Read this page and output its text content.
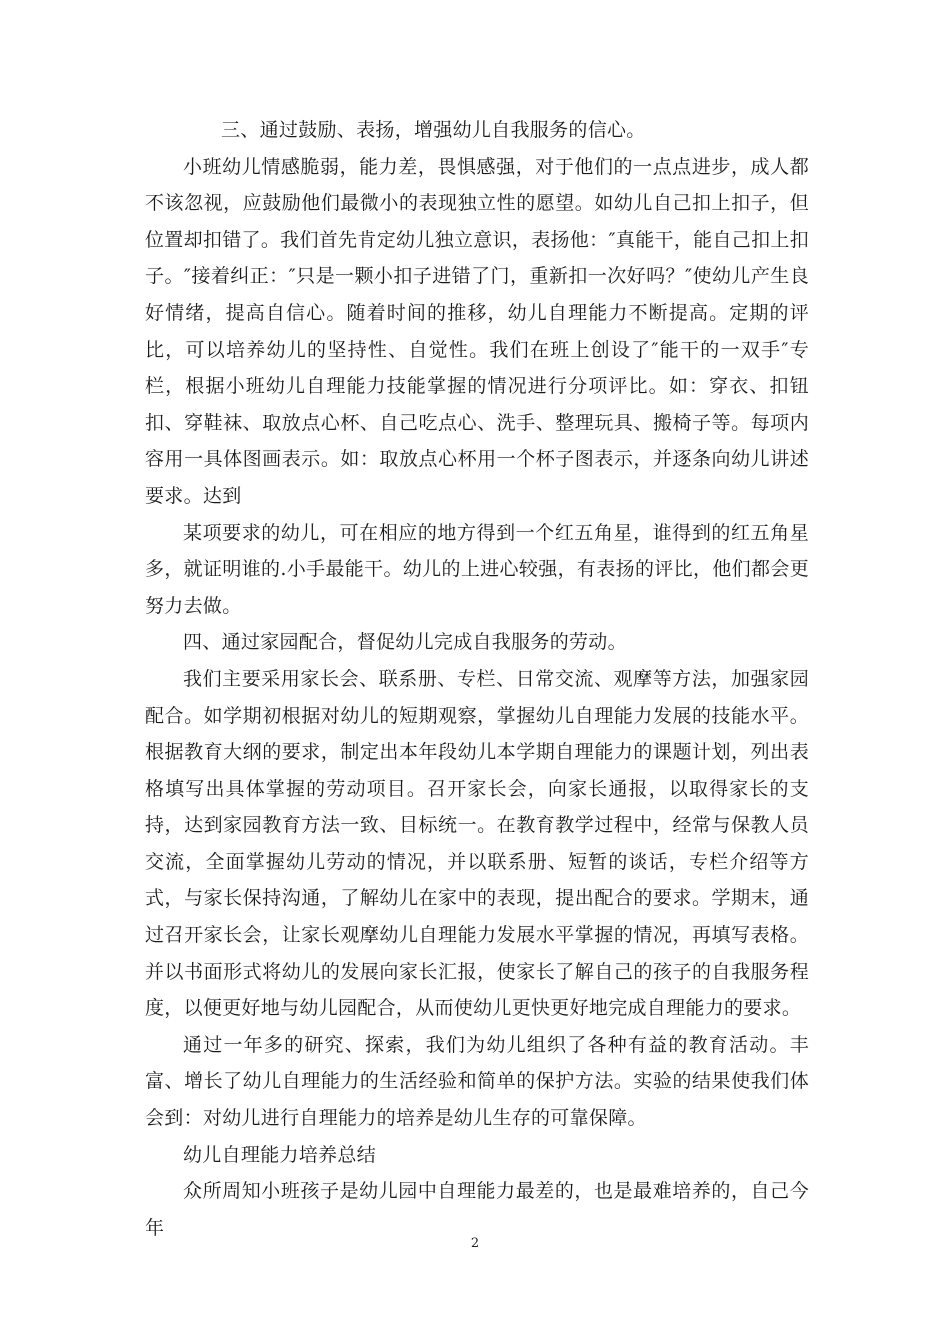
三、通过鼓励、表扬，增强幼儿自我服务的信心。

小班幼儿情感脆弱，能力差，畏惧感强，对于他们的一点点进步，成人都不该忽视，应鼓励他们最微小的表现独立性的愿望。如幼儿自己扣上扣子，但位置却扣错了。我们首先肯定幼儿独立意识，表扬他：″真能干，能自己扣上扣子。″接着纠正：″只是一颗小扣子进错了门，重新扣一次好吗？″使幼儿产生良好情绪，提高自信心。随着时间的推移，幼儿自理能力不断提高。定期的评比，可以培养幼儿的坚持性、自觉性。我们在班上创设了″能干的一双手″专栏，根据小班幼儿自理能力技能掌握的情况进行分项评比。如：穿衣、扣钮扣、穿鞋袜、取放点心杯、自己吃点心、洗手、整理玩具、搬椅子等。每项内容用一具体图画表示。如：取放点心杯用一个杯子图表示，并逐条向幼儿讲述要求。达到

某项要求的幼儿，可在相应的地方得到一个红五角星，谁得到的红五角星多，就证明谁的.小手最能干。幼儿的上进心较强，有表扬的评比，他们都会更努力去做。

四、通过家园配合，督促幼儿完成自我服务的劳动。

我们主要采用家长会、联系册、专栏、日常交流、观摩等方法，加强家园配合。如学期初根据对幼儿的短期观察，掌握幼儿自理能力发展的技能水平。根据教育大纲的要求，制定出本年段幼儿本学期自理能力的课题计划，列出表格填写出具体掌握的劳动项目。召开家长会，向家长通报，以取得家长的支持，达到家园教育方法一致、目标统一。在教育教学过程中，经常与保教人员交流，全面掌握幼儿劳动的情况，并以联系册、短暂的谈话，专栏介绍等方式，与家长保持沟通，了解幼儿在家中的表现，提出配合的要求。学期末，通过召开家长会，让家长观摩幼儿自理能力发展水平掌握的情况，再填写表格。并以书面形式将幼儿的发展向家长汇报，使家长了解自己的孩子的自我服务程度，以便更好地与幼儿园配合，从而使幼儿更快更好地完成自理能力的要求。

通过一年多的研究、探索，我们为幼儿组织了各种有益的教育活动。丰富、增长了幼儿自理能力的生活经验和简单的保护方法。实验的结果使我们体会到：对幼儿进行自理能力的培养是幼儿生存的可靠保障。

幼儿自理能力培养总结

众所周知小班孩子是幼儿园中自理能力最差的，也是最难培养的，自己今年

2
